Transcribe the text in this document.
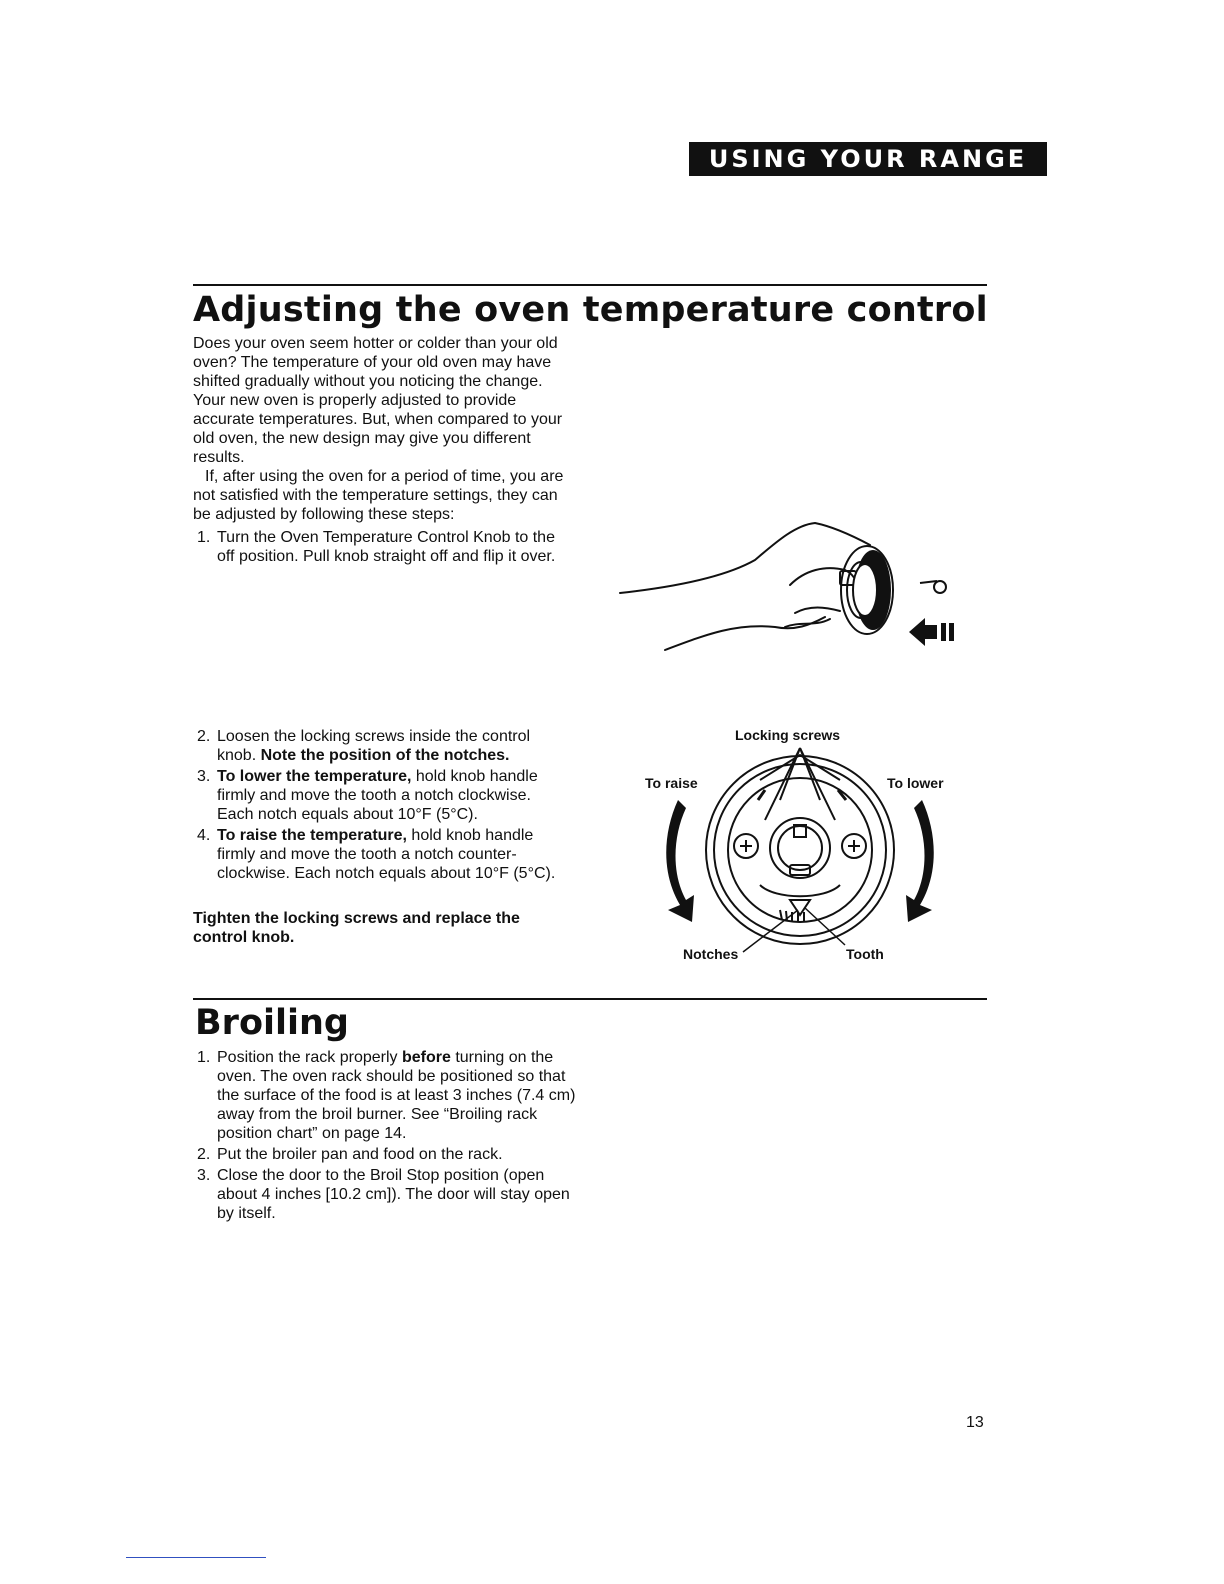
USING YOUR RANGE
Adjusting the oven temperature control

Does your oven seem hotter or colder than your old oven? The temperature of your old oven may have shifted gradually without you noticing the change. Your new oven is properly adjusted to provide accurate temperatures. But, when compared to your old oven, the new design may give you different results.

If, after using the oven for a period of time, you are not satisfied with the temperature settings, they can be adjusted by following these steps:

1. Turn the Oven Temperature Control Knob to the off position. Pull knob straight off and flip it over.
2. Loosen the locking screws inside the control knob. Note the position of the notches.
3. To lower the temperature, hold knob handle firmly and move the tooth a notch clockwise. Each notch equals about 10°F (5°C).
4. To raise the temperature, hold knob handle firmly and move the tooth a notch counter-clockwise. Each notch equals about 10°F (5°C).

Tighten the locking screws and replace the control knob.

Locking screws
To raise	To lower
Notches	Tooth
Broiling
1. Position the rack properly before turning on the oven. The oven rack should be positioned so that the surface of the food is at least 3 inches (7.4 cm) away from the broil burner. See “Broiling rack position chart” on page 14.
2. Put the broiler pan and food on the rack.
3. Close the door to the Broil Stop position (open about 4 inches [10.2 cm]). The door will stay open by itself.
13
